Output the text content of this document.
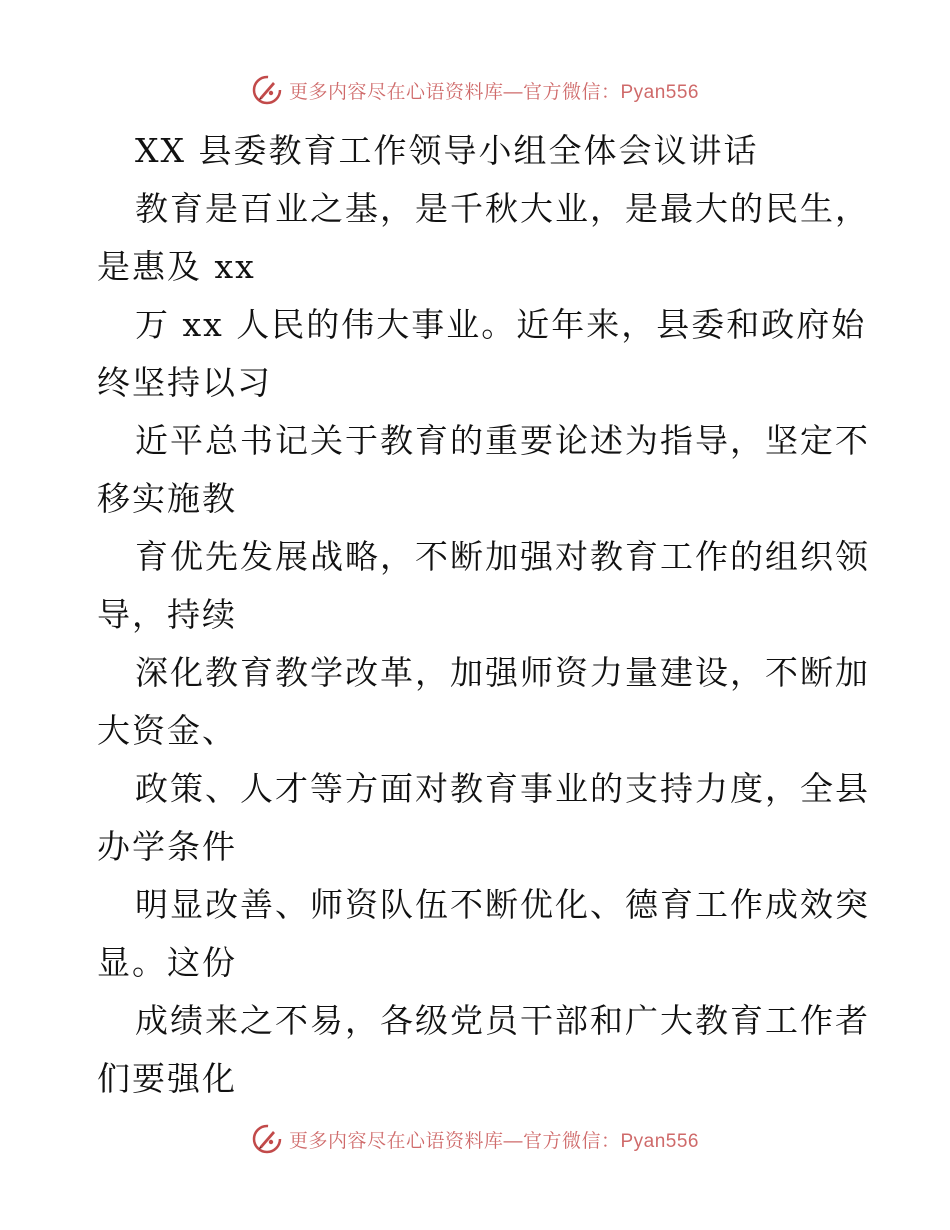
更多内容尽在心语资料库—官方微信：Pyan556
XX 县委教育工作领导小组全体会议讲话
教育是百业之基，是千秋大业，是最大的民生，
是惠及 xx
万 xx 人民的伟大事业。近年来，县委和政府始
终坚持以习
近平总书记关于教育的重要论述为指导，坚定不
移实施教
育优先发展战略，不断加强对教育工作的组织领
导，持续
深化教育教学改革，加强师资力量建设，不断加
大资金、
政策、人才等方面对教育事业的支持力度，全县
办学条件
明显改善、师资队伍不断优化、德育工作成效突
显。这份
成绩来之不易，各级党员干部和广大教育工作者
们要强化
更多内容尽在心语资料库—官方微信：Pyan556
